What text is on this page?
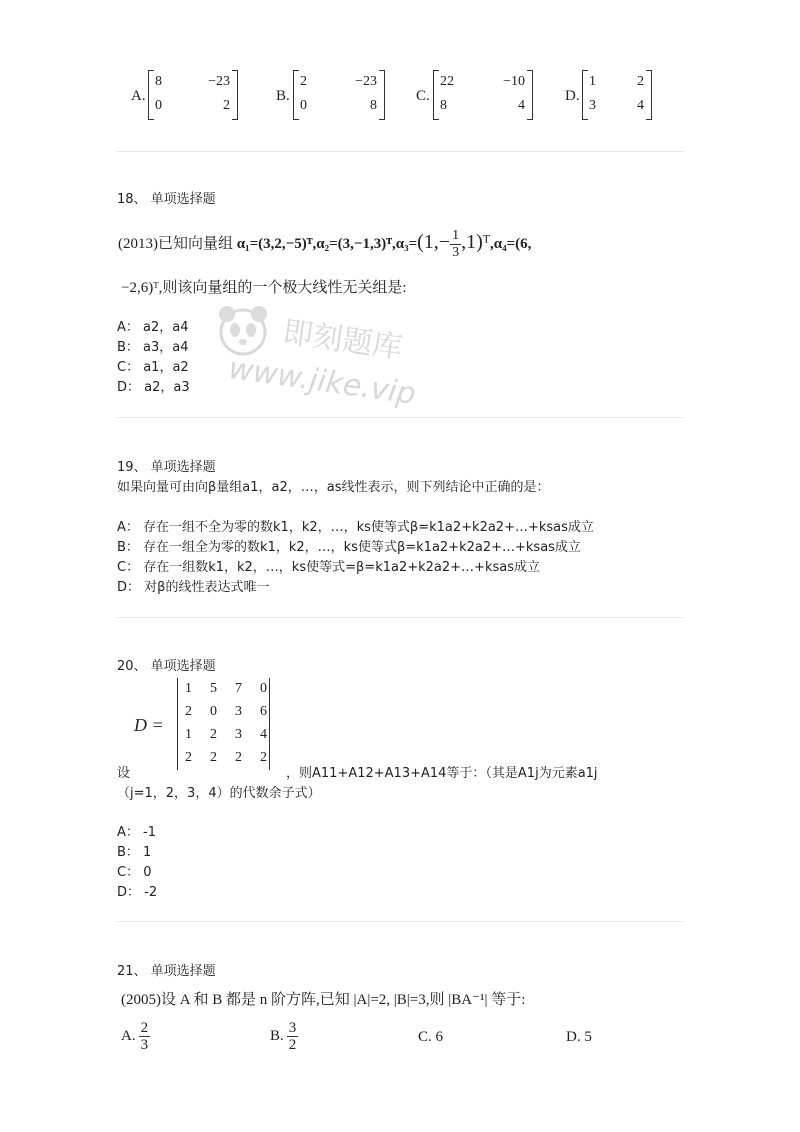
A.
8	−23
0	2
B.
2	−23
0	8
C.
22	−10
8	4
D.
1	2
3	4
18、 单项选择题
(2013)已知向量组 α₁=(3,2,−5)ᵀ,α₂=(3,−1,3)ᵀ,α₃=(1,− $\frac{1}{3}$ ,1)ᵀ,α₄=(6,
−2,6)ᵀ,则该向量组的一个极大线性无关组是:
A： a2，a4
B： a3，a4
C： a1，a2
D： a2，a3
即刻题库
www.jike.vip
19、 单项选择题
如果向量可由向β量组a1，a2，…，as线性表示，则下列结论中正确的是：
A： 存在一组不全为零的数k1，k2，…，ks使等式β=k1a2+k2a2+…+ksas成立
B： 存在一组全为零的数k1，k2，…，ks使等式β=k1a2+k2a2+…+ksas成立
C： 存在一组数k1，k2，…，ks使等式=β=k1a2+k2a2+…+ksas成立
D： 对β的线性表达式唯一
20、 单项选择题
D =
1 5 7 0
2 0 3 6
1 2 3 4
2 2 2 2
设	，则A11+A12+A13+A14等于：（其是A1j为元素a1j
（j=1，2，3，4）的代数余子式）
A： -1
B： 1
C： 0
D： -2
21、 单项选择题
(2005)设 A 和 B 都是 n 阶方阵,已知 |A|=2, |B|=3,则 |BA⁻¹| 等于:
A. $\frac{2}{3}$	B. $\frac{3}{2}$	C. 6	D. 5
